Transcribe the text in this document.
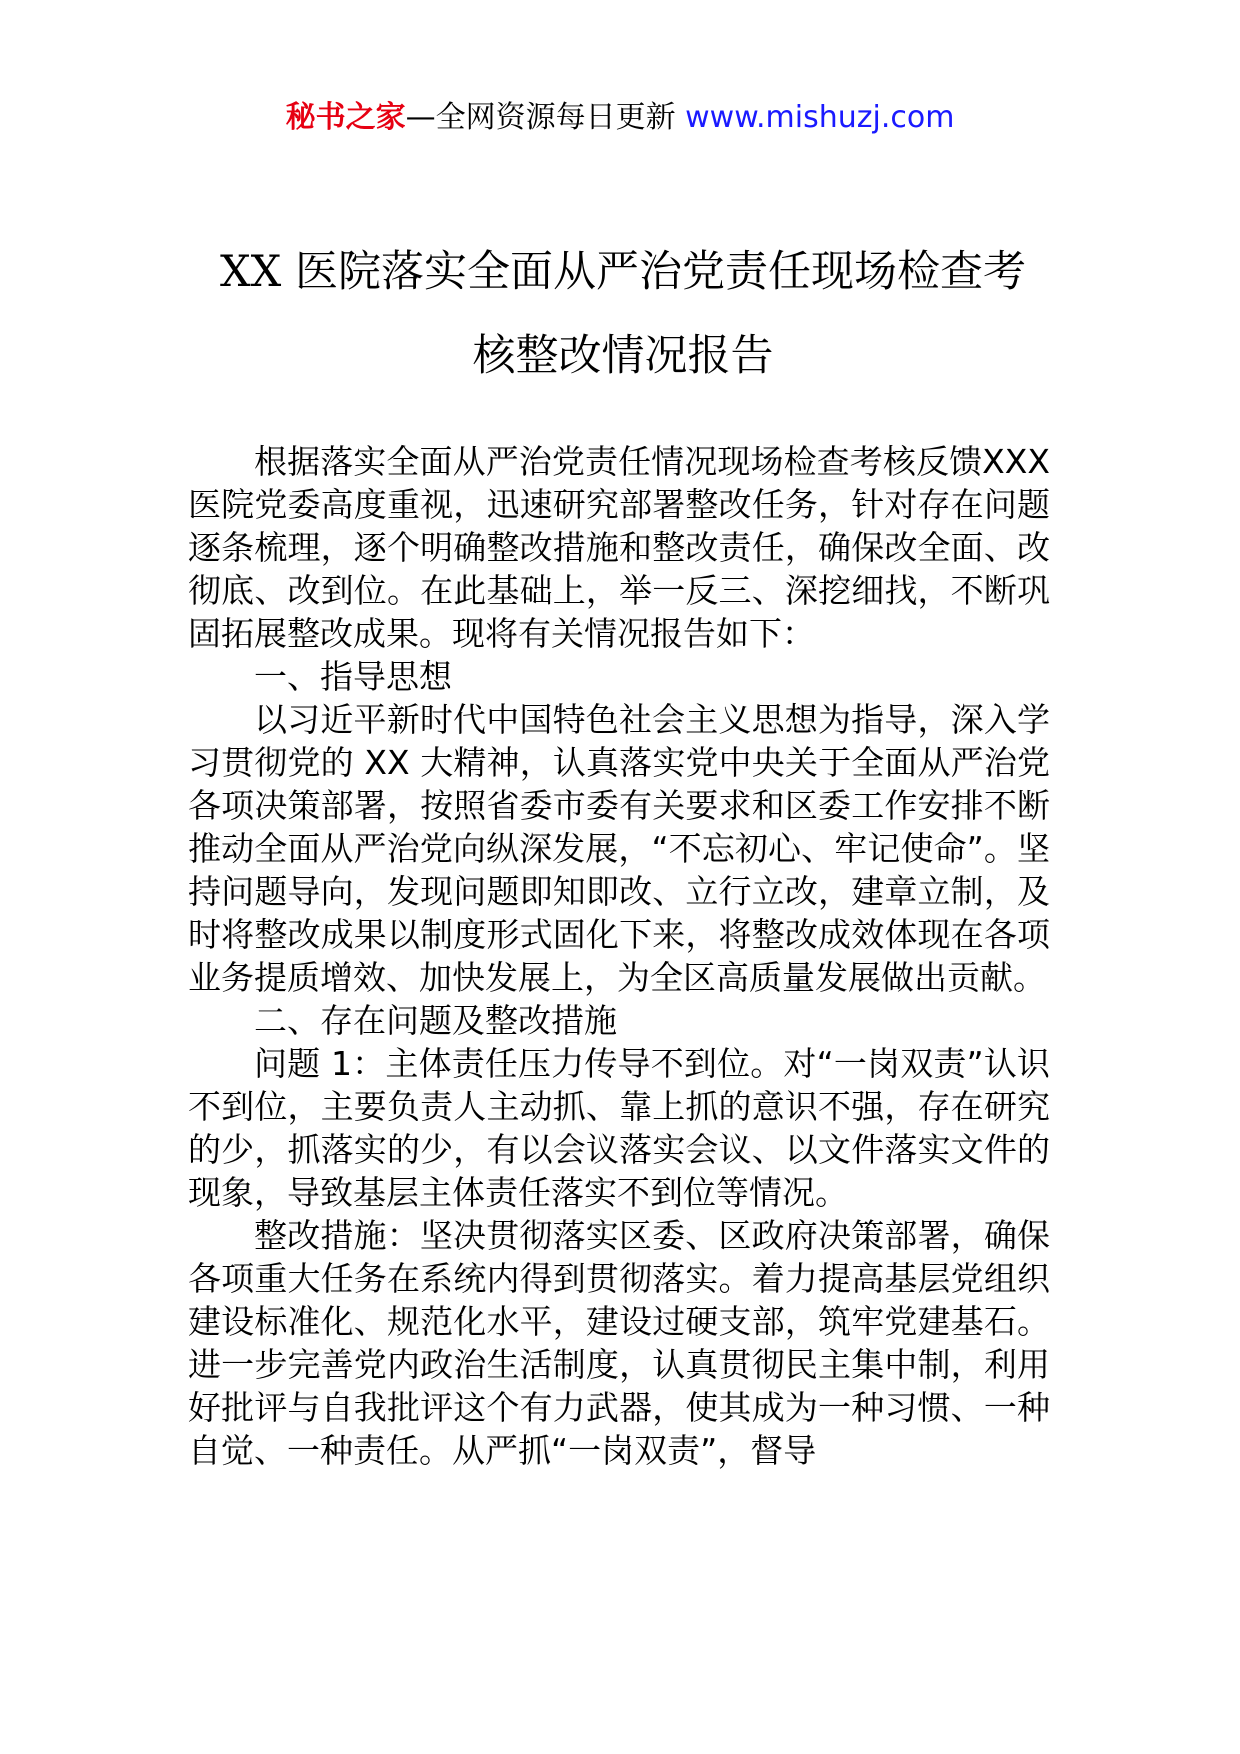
秘书之家—全网资源每日更新 www.mishuzj.com
XX 医院落实全面从严治党责任现场检查考
核整改情况报告

根据落实全面从严治党责任情况现场检查考核反馈XXX 医院党委高度重视，迅速研究部署整改任务，针对存在问题逐条梳理，逐个明确整改措施和整改责任，确保改全面、改彻底、改到位。在此基础上，举一反三、深挖细找，不断巩固拓展整改成果。现将有关情况报告如下：

一、指导思想

以习近平新时代中国特色社会主义思想为指导，深入学习贯彻党的 XX 大精神，认真落实党中央关于全面从严治党各项决策部署，按照省委市委有关要求和区委工作安排不断推动全面从严治党向纵深发展，“不忘初心、牢记使命”。坚持问题导向，发现问题即知即改、立行立改，建章立制，及时将整改成果以制度形式固化下来，将整改成效体现在各项业务提质增效、加快发展上，为全区高质量发展做出贡献。

二、存在问题及整改措施

问题 1：主体责任压力传导不到位。对“一岗双责”认识不到位，主要负责人主动抓、靠上抓的意识不强，存在研究的少，抓落实的少，有以会议落实会议、以文件落实文件的现象，导致基层主体责任落实不到位等情况。

整改措施：坚决贯彻落实区委、区政府决策部署，确保各项重大任务在系统内得到贯彻落实。着力提高基层党组织建设标准化、规范化水平，建设过硬支部，筑牢党建基石。进一步完善党内政治生活制度，认真贯彻民主集中制，利用好批评与自我批评这个有力武器，使其成为一种习惯、一种自觉、一种责任。从严抓“一岗双责”，督导
